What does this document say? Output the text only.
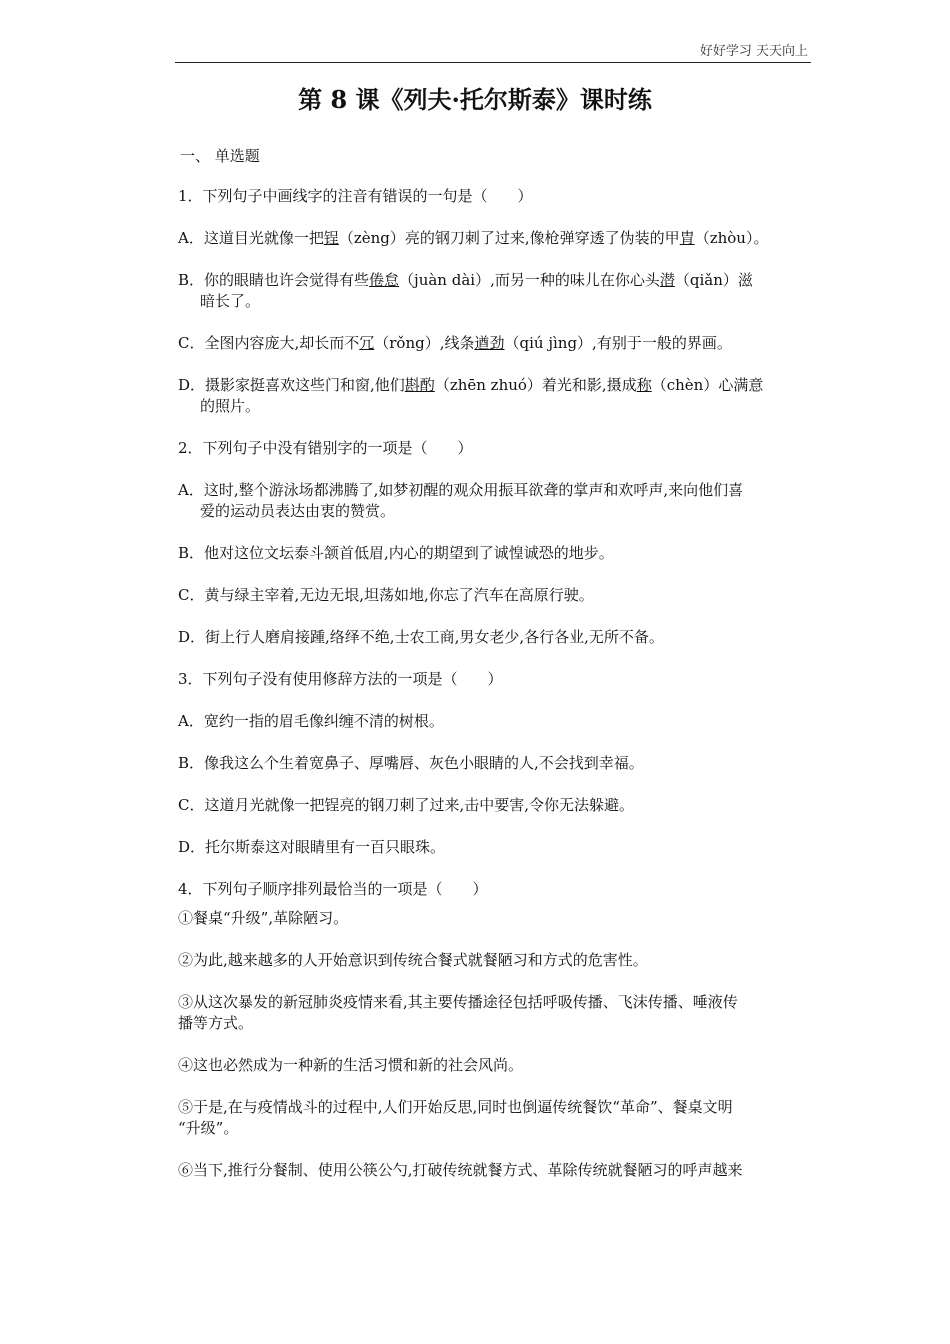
好好学习 天天向上
第 8 课《列夫·托尔斯泰》课时练
一、 单选题
1．下列句子中画线字的注音有错误的一句是（　　）
A．这道目光就像一把锃（zèng）亮的钢刀刺了过来,像枪弹穿透了伪装的甲胄（zhòu）。
B．你的眼睛也许会觉得有些倦怠（juàn dài）,而另一种的味儿在你心头潜（qiǎn）滋
暗长了。
C．全图内容庞大,却长而不冗（rǒng）,线条遒劲（qiú jìng）,有别于一般的界画。
D．摄影家挺喜欢这些门和窗,他们斟酌（zhēn zhuó）着光和影,摄成称（chèn）心满意
的照片。
2．下列句子中没有错别字的一项是（　　）
A．这时,整个游泳场都沸腾了,如梦初醒的观众用振耳欲聋的掌声和欢呼声,来向他们喜
爱的运动员表达由衷的赞赏。
B．他对这位文坛泰斗颔首低眉,内心的期望到了诚惶诚恐的地步。
C．黄与绿主宰着,无边无垠,坦荡如地,你忘了汽车在高原行驶。
D．街上行人磨肩接踵,络绎不绝,士农工商,男女老少,各行各业,无所不备。
3．下列句子没有使用修辞方法的一项是（　　）
A．宽约一指的眉毛像纠缠不清的树根。
B．像我这么个生着宽鼻子、厚嘴唇、灰色小眼睛的人,不会找到幸福。
C．这道月光就像一把锃亮的钢刀刺了过来,击中要害,令你无法躲避。
D．托尔斯泰这对眼睛里有一百只眼珠。
4．下列句子顺序排列最恰当的一项是（　　）
①餐桌“升级”,革除陋习。
②为此,越来越多的人开始意识到传统合餐式就餐陋习和方式的危害性。
③从这次暴发的新冠肺炎疫情来看,其主要传播途径包括呼吸传播、飞沫传播、唾液传
播等方式。
④这也必然成为一种新的生活习惯和新的社会风尚。
⑤于是,在与疫情战斗的过程中,人们开始反思,同时也倒逼传统餐饮“革命”、餐桌文明
“升级”。
⑥当下,推行分餐制、使用公筷公勺,打破传统就餐方式、革除传统就餐陋习的呼声越来
